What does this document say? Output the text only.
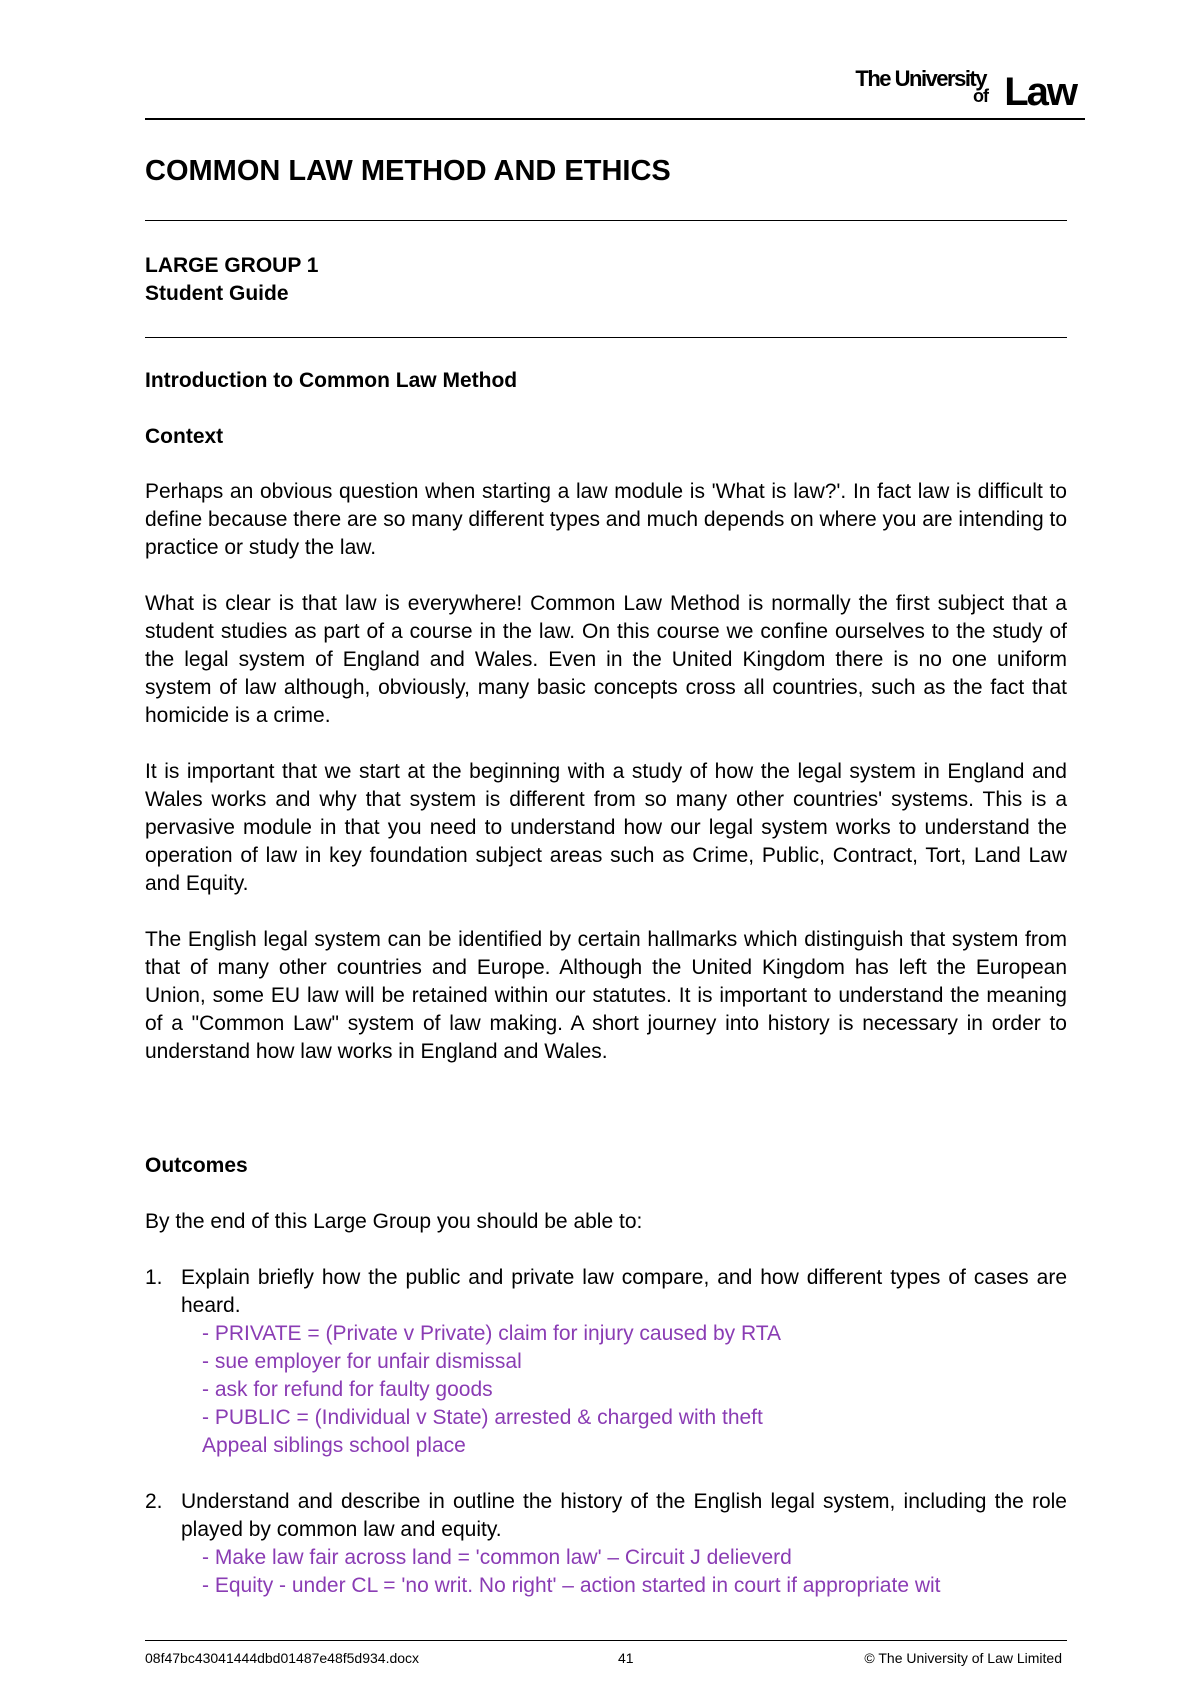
The University
of Law
COMMON LAW METHOD AND ETHICS

LARGE GROUP 1

Student Guide

Introduction to Common Law Method

Context

Perhaps an obvious question when starting a law module is 'What is law?'. In fact law is difficult to define because there are so many different types and much depends on where you are intending to practice or study the law.

What is clear is that law is everywhere! Common Law Method is normally the first subject that a student studies as part of a course in the law. On this course we confine ourselves to the study of the legal system of England and Wales. Even in the United Kingdom there is no one uniform system of law although, obviously, many basic concepts cross all countries, such as the fact that homicide is a crime.

It is important that we start at the beginning with a study of how the legal system in England and Wales works and why that system is different from so many other countries' systems. This is a pervasive module in that you need to understand how our legal system works to understand the operation of law in key foundation subject areas such as Crime, Public, Contract, Tort, Land Law and Equity.

The English legal system can be identified by certain hallmarks which distinguish that system from that of many other countries and Europe. Although the United Kingdom has left the European Union, some EU law will be retained within our statutes. It is important to understand the meaning of a "Common Law" system of law making. A short journey into history is necessary in order to understand how law works in England and Wales.

Outcomes

By the end of this Large Group you should be able to:

1. Explain briefly how the public and private law compare, and how different types of cases are heard.
- PRIVATE = (Private v Private) claim for injury caused by RTA
- sue employer for unfair dismissal
- ask for refund for faulty goods
- PUBLIC = (Individual v State) arrested & charged with theft
Appeal siblings school place
2. Understand and describe in outline the history of the English legal system, including the role played by common law and equity.
- Make law fair across land = 'common law' – Circuit J delieverd
- Equity - under CL = 'no writ. No right' – action started in court if appropriate wit
08f47bc43041444dbd01487e48f5d934.docx	41	© The University of Law Limited
